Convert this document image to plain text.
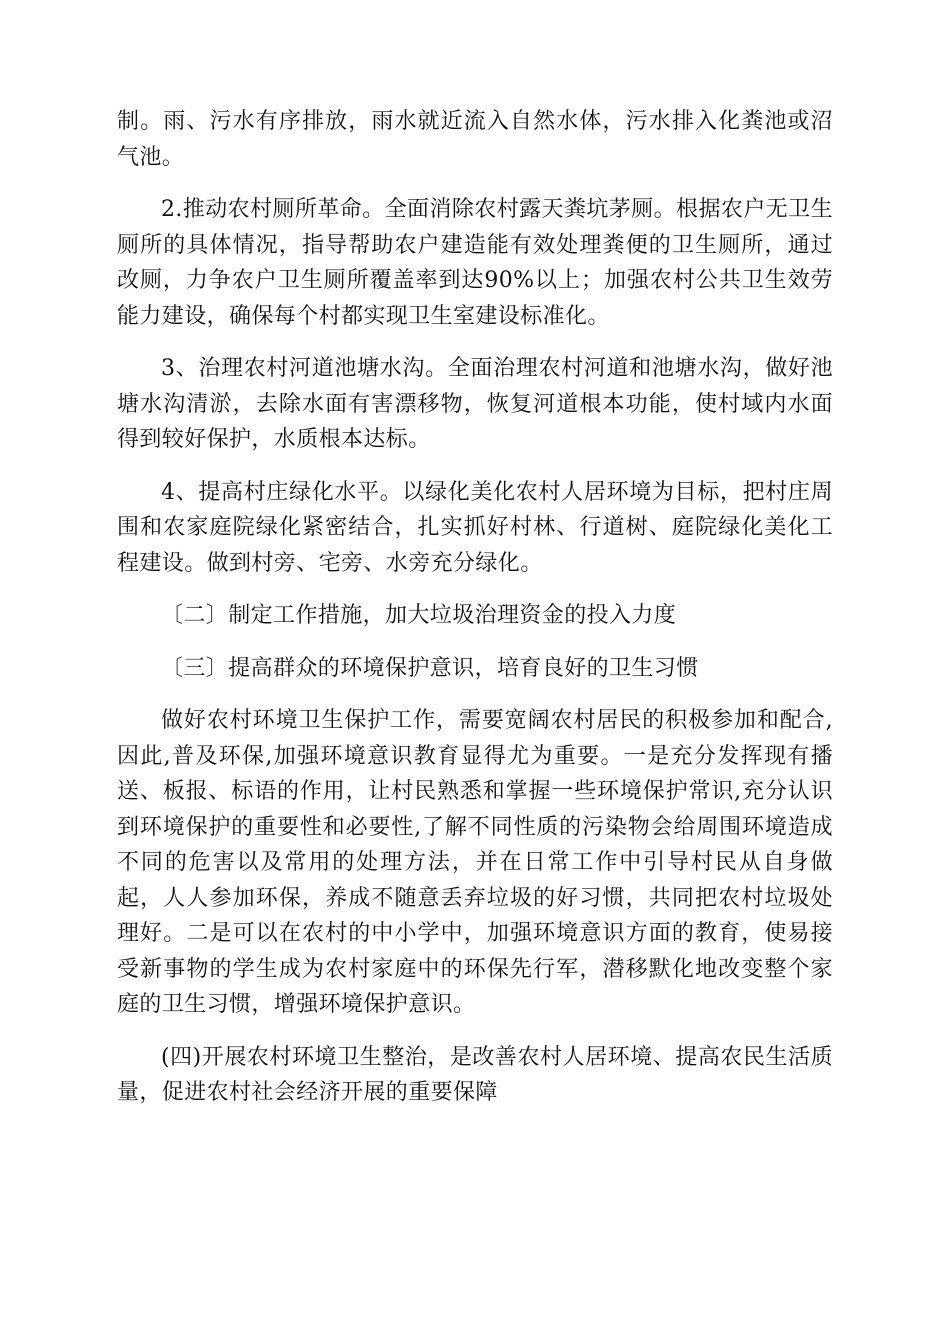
制。雨、污水有序排放，雨水就近流入自然水体，污水排入化粪池或沼气池。

2.推动农村厕所革命。全面消除农村露天粪坑茅厕。根据农户无卫生厕所的具体情况，指导帮助农户建造能有效处理粪便的卫生厕所，通过改厕，力争农户卫生厕所覆盖率到达90%以上；加强农村公共卫生效劳能力建设，确保每个村都实现卫生室建设标准化。

3、治理农村河道池塘水沟。全面治理农村河道和池塘水沟，做好池塘水沟清淤，去除水面有害漂移物，恢复河道根本功能，使村域内水面得到较好保护，水质根本达标。

4、提高村庄绿化水平。以绿化美化农村人居环境为目标，把村庄周围和农家庭院绿化紧密结合，扎实抓好村林、行道树、庭院绿化美化工程建设。做到村旁、宅旁、水旁充分绿化。

〔二〕制定工作措施，加大垃圾治理资金的投入力度

〔三〕提高群众的环境保护意识，培育良好的卫生习惯

做好农村环境卫生保护工作，需要宽阔农村居民的积极参加和配合,因此,普及环保,加强环境意识教育显得尤为重要。一是充分发挥现有播送、板报、标语的作用，让村民熟悉和掌握一些环境保护常识,充分认识到环境保护的重要性和必要性,了解不同性质的污染物会给周围环境造成不同的危害以及常用的处理方法，并在日常工作中引导村民从自身做起，人人参加环保，养成不随意丢弃垃圾的好习惯，共同把农村垃圾处理好。二是可以在农村的中小学中，加强环境意识方面的教育，使易接受新事物的学生成为农村家庭中的环保先行军，潜移默化地改变整个家庭的卫生习惯，增强环境保护意识。

(四)开展农村环境卫生整治，是改善农村人居环境、提高农民生活质量，促进农村社会经济开展的重要保障
